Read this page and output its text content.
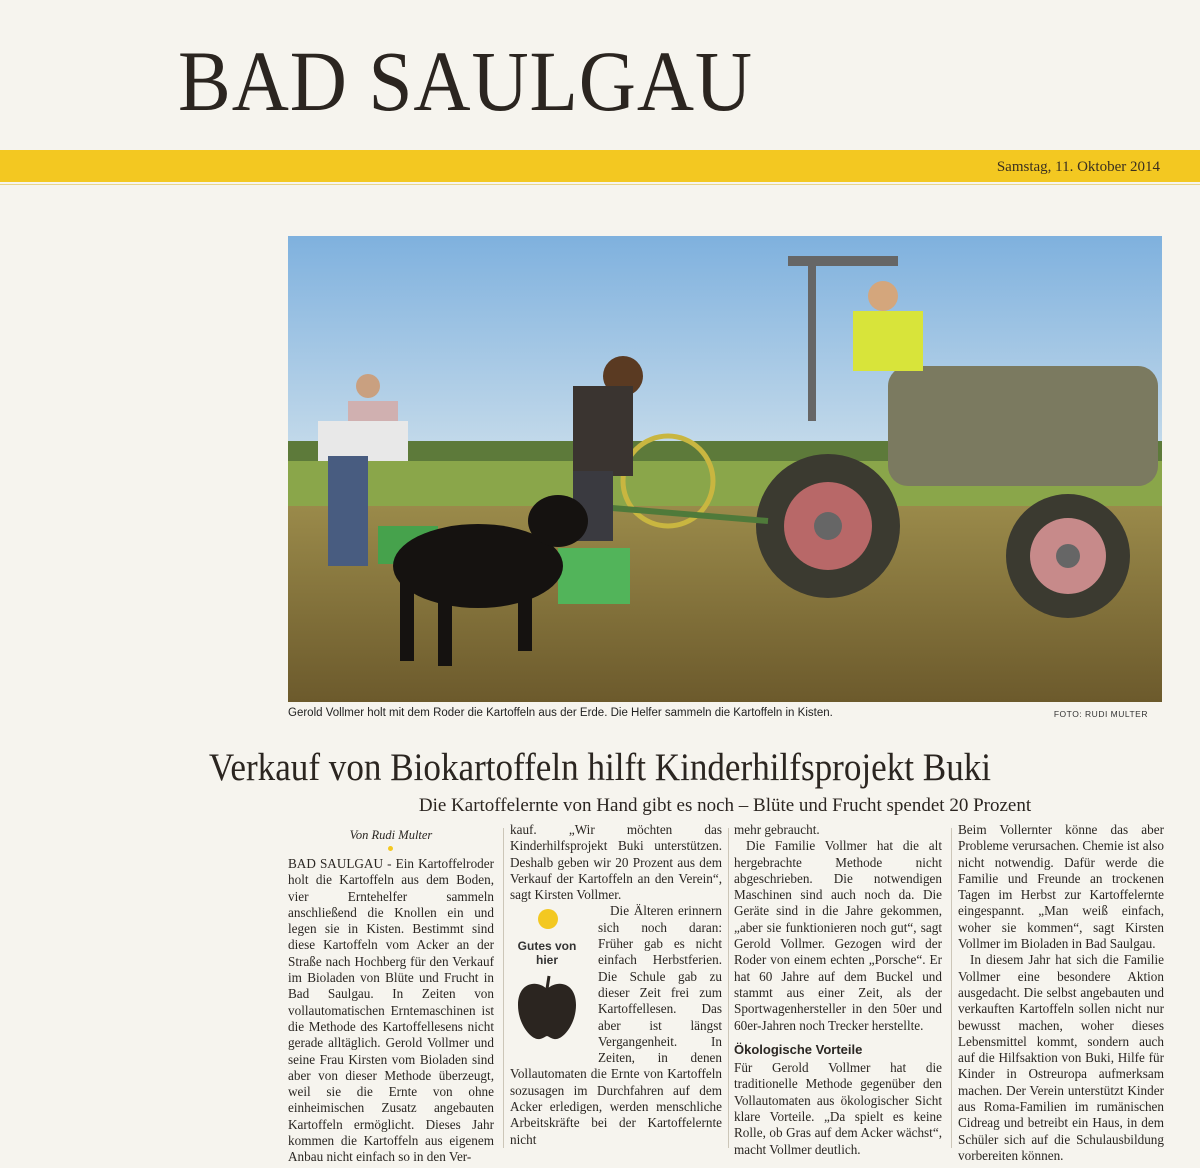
BAD SAULGAU
Samstag, 11. Oktober 2014
Gerold Vollmer holt mit dem Roder die Kartoffeln aus der Erde. Die Helfer sammeln die Kartoffeln in Kisten.	FOTO: RUDI MULTER
Verkauf von Biokartoffeln hilft Kinderhilfsprojekt Buki
Die Kartoffelernte von Hand gibt es noch – Blüte und Frucht spendet 20 Prozent
Von Rudi Multer

BAD SAULGAU - Ein Kartoffelroder holt die Kartoffeln aus dem Boden, vier Erntehelfer sammeln anschließend die Knollen ein und legen sie in Kisten. Bestimmt sind diese Kartoffeln vom Acker an der Straße nach Hochberg für den Verkauf im Bioladen von Blüte und Frucht in Bad Saulgau. In Zeiten von vollautomatischen Erntemaschinen ist die Methode des Kartoffellesens nicht gerade alltäglich. Gerold Vollmer und seine Frau Kirsten vom Bioladen sind aber von dieser Methode überzeugt, weil sie die Ernte von ohne einheimischen Zusatz angebauten Kartoffeln ermöglicht. Dieses Jahr kommen die Kartoffeln aus eigenem Anbau nicht einfach so in den Ver-

kauf. „Wir möchten das Kinderhilfsprojekt Buki unterstützen. Deshalb geben wir 20 Prozent aus dem Verkauf der Kartoffeln an den Verein“, sagt Kirsten Vollmer.

Gutes von hier

Die Älteren erinnern sich noch daran: Früher gab es nicht einfach Herbstferien. Die Schule gab zu dieser Zeit frei zum Kartoffellesen. Das aber ist längst Vergangenheit. In Zeiten, in denen Vollautomaten die Ernte von Kartoffeln sozusagen im Durchfahren auf dem Acker erledigen, werden menschliche Arbeitskräfte bei der Kartoffelernte nicht

mehr gebraucht.

Die Familie Vollmer hat die alt hergebrachte Methode nicht abgeschrieben. Die notwendigen Maschinen sind auch noch da. Die Geräte sind in die Jahre gekommen, „aber sie funktionieren noch gut“, sagt Gerold Vollmer. Gezogen wird der Roder von einem echten „Porsche“. Er hat 60 Jahre auf dem Buckel und stammt aus einer Zeit, als der Sportwagenhersteller in den 50er und 60er-Jahren noch Trecker herstellte.

Ökologische Vorteile

Für Gerold Vollmer hat die traditionelle Methode gegenüber den Vollautomaten aus ökologischer Sicht klare Vorteile. „Da spielt es keine Rolle, ob Gras auf dem Acker wächst“, macht Vollmer deutlich.

Beim Vollernter könne das aber Probleme verursachen. Chemie ist also nicht notwendig. Dafür werde die Familie und Freunde an trockenen Tagen im Herbst zur Kartoffelernte eingespannt. „Man weiß einfach, woher sie kommen“, sagt Kirsten Vollmer im Bioladen in Bad Saulgau.

In diesem Jahr hat sich die Familie Vollmer eine besondere Aktion ausgedacht. Die selbst angebauten und verkauften Kartoffeln sollen nicht nur bewusst machen, woher dieses Lebensmittel kommt, sondern auch auf die Hilfsaktion von Buki, Hilfe für Kinder in Ostreuropa aufmerksam machen. Der Verein unterstützt Kinder aus Roma-Familien im rumänischen Cidreag und betreibt ein Haus, in dem Schüler sich auf die Schulausbildung vorbereiten können.
